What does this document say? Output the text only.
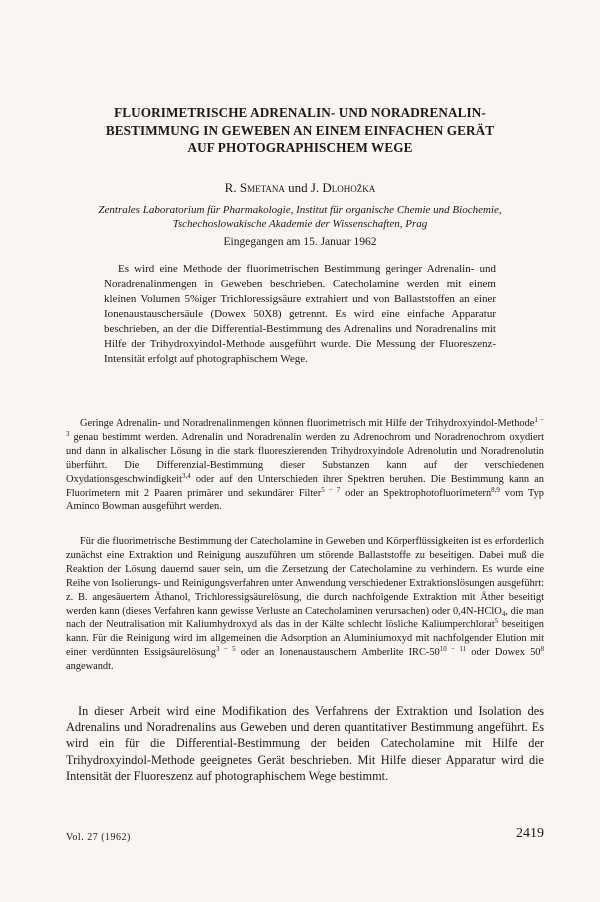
FLUORIMETRISCHE ADRENALIN- UND NORADRENALIN-
BESTIMMUNG IN GEWEBEN AN EINEM EINFACHEN GERÄT
AUF PHOTOGRAPHISCHEM WEGE
R. Smetana und J. Dlohožka
Zentrales Laboratorium für Pharmakologie, Institut für organische Chemie und Biochemie,
Tschechoslowakische Akademie der Wissenschaften, Prag
Eingegangen am 15. Januar 1962

Es wird eine Methode der fluorimetrischen Bestimmung geringer Adrenalin- und Noradrenalinmengen in Geweben beschrieben. Catecholamine werden mit einem kleinen Volumen 5%iger Trichloressigsäure extrahiert und von Ballaststoffen an einer Ionenaustauschersäule (Dowex 50X8) getrennt. Es wird eine einfache Apparatur beschrieben, an der die Differential-Bestimmung des Adrenalins und Noradrenalins mit Hilfe der Trihydroxyindol-Methode ausgeführt wurde. Die Messung der Fluoreszenz-Intensität erfolgt auf photographischem Wege.

Geringe Adrenalin- und Noradrenalinmengen können fluorimetrisch mit Hilfe der Trihydroxyindol-Methode$^{1 - 3}$ genau bestimmt werden. Adrenalin und Noradrenalin werden zu Adrenochrom und Noradrenochrom oxydiert und dann in alkalischer Lösung in die stark fluoreszierenden Trihydroxyindole Adrenolutin und Noradrenolutin überführt. Die Differenzial-Bestimmung dieser Substanzen kann auf der verschiedenen Oxydationsgeschwindigkeit$^{3,4}$ oder auf den Unterschieden ihrer Spektren beruhen. Die Bestimmung kann an Fluorimetern mit 2 Paaren primärer und sekundärer Filter$^{5 - 7}$ oder an Spektrophotofluorimetern$^{8,9}$ vom Typ Aminco Bowman ausgeführt werden.

Für die fluorimetrische Bestimmung der Catecholamine in Geweben und Körperflüssigkeiten ist es erforderlich zunächst eine Extraktion und Reinigung auszuführen um störende Ballaststoffe zu beseitigen. Dabei muß die Reaktion der Lösung dauernd sauer sein, um die Zersetzung der Catecholamine zu verhindern. Es wurde eine Reihe von Isolierungs- und Reinigungsverfahren unter Anwendung verschiedener Extraktionslösungen ausgeführt: z. B. angesäuertem Äthanol, Trichloressigsäurelösung, die durch nachfolgende Extraktion mit Äther beseitigt werden kann (dieses Verfahren kann gewisse Verluste an Catecholaminen verursachen) oder 0,4N-HClO$_4$, die man nach der Neutralisation mit Kaliumhydroxyd als das in der Kälte schlecht lösliche Kaliumperchlorat$^5$ beseitigen kann. Für die Reinigung wird im allgemeinen die Adsorption an Aluminiumoxyd mit nachfolgender Elution mit einer verdünnten Essigsäurelösung$^{3 - 5}$ oder an Ionenaustauschern Amberlite IRC-$50^{10 - 11}$ oder Dowex $50^8$ angewandt.

In dieser Arbeit wird eine Modifikation des Verfahrens der Extraktion und Isolation des Adrenalins und Noradrenalins aus Geweben und deren quantitativer Bestimmung angeführt. Es wird ein für die Differential-Bestimmung der beiden Catecholamine mit Hilfe der Trihydroxyindol-Methode geeignetes Gerät beschrieben. Mit Hilfe dieser Apparatur wird die Intensität der Fluoreszenz auf photographischem Wege bestimmt.

Vol. 27 (1962)	2419
